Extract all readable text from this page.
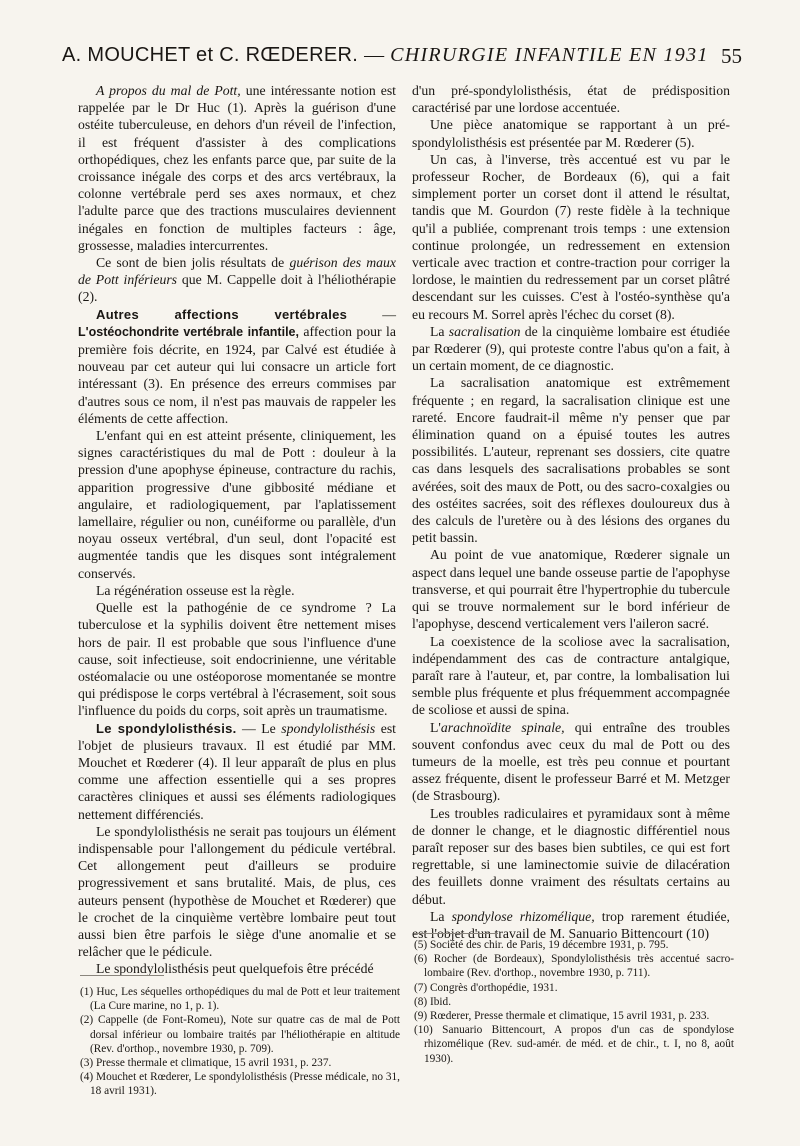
A. MOUCHET et C. RŒDERER. — CHIRURGIE INFANTILE EN 1931 55

A propos du mal de Pott, une intéressante notion est rappelée par le Dr Huc (1). Après la guérison d'une ostéite tuberculeuse, en dehors d'un réveil de l'infection, il est fréquent d'assister à des complications orthopédiques, chez les enfants parce que, par suite de la croissance inégale des corps et des arcs vertébraux, la colonne vertébrale perd ses axes normaux, et chez l'adulte parce que des tractions musculaires deviennent inégales en fonction de multiples facteurs : âge, grossesse, maladies intercurrentes.

Ce sont de bien jolis résultats de guérison des maux de Pott inférieurs que M. Cappelle doit à l'héliothérapie (2).

Autres affections vertébrales — L'ostéochondrite vertébrale infantile, affection pour la première fois décrite, en 1924, par Calvé est étudiée à nouveau par cet auteur qui lui consacre un article fort intéressant (3). En présence des erreurs commises par d'autres sous ce nom, il n'est pas mauvais de rappeler les éléments de cette affection.

L'enfant qui en est atteint présente, cliniquement, les signes caractéristiques du mal de Pott : douleur à la pression d'une apophyse épineuse, contracture du rachis, apparition progressive d'une gibbosité médiane et angulaire, et radiologiquement, par l'aplatissement lamellaire, régulier ou non, cunéiforme ou parallèle, d'un noyau osseux vertébral, d'un seul, dont l'opacité est augmentée tandis que les disques sont intégralement conservés.

La régénération osseuse est la règle.

Quelle est la pathogénie de ce syndrome ? La tuberculose et la syphilis doivent être nettement mises hors de pair. Il est probable que sous l'influence d'une cause, soit infectieuse, soit endocrinienne, une véritable ostéomalacie ou une ostéoporose momentanée se montre qui prédispose le corps vertébral à l'écrasement, soit sous l'influence du poids du corps, soit après un traumatisme.

Le spondylolisthésis. — Le spondylolisthésis est l'objet de plusieurs travaux. Il est étudié par MM. Mouchet et Rœderer (4). Il leur apparaît de plus en plus comme une affection essentielle qui a ses propres caractères cliniques et aussi ses éléments radiologiques nettement différenciés.

Le spondylolisthésis ne serait pas toujours un élément indispensable pour l'allongement du pédicule vertébral. Cet allongement peut d'ailleurs se produire progressivement et sans brutalité. Mais, de plus, ces auteurs pensent (hypothèse de Mouchet et Rœderer) que le crochet de la cinquième vertèbre lombaire peut tout aussi bien être parfois le siège d'une anomalie et se relâcher que le pédicule.

Le spondylolisthésis peut quelquefois être précédé

d'un pré-spondylolisthésis, état de prédisposition caractérisé par une lordose accentuée.

Une pièce anatomique se rapportant à un pré-spondylolisthésis est présentée par M. Rœderer (5).

Un cas, à l'inverse, très accentué est vu par le professeur Rocher, de Bordeaux (6), qui a fait simplement porter un corset dont il attend le résultat, tandis que M. Gourdon (7) reste fidèle à la technique qu'il a publiée, comprenant trois temps : une extension continue prolongée, un redressement en extension verticale avec traction et contre-traction pour corriger la lordose, le maintien du redressement par un corset plâtré descendant sur les cuisses. C'est à l'ostéo-synthèse qu'a eu recours M. Sorrel après l'échec du corset (8).

La sacralisation de la cinquième lombaire est étudiée par Rœderer (9), qui proteste contre l'abus qu'on a fait, à un certain moment, de ce diagnostic.

La sacralisation anatomique est extrêmement fréquente ; en regard, la sacralisation clinique est une rareté. Encore faudrait-il même n'y penser que par élimination quand on a épuisé toutes les autres possibilités. L'auteur, reprenant ses dossiers, cite quatre cas dans lesquels des sacralisations probables se sont avérées, soit des maux de Pott, ou des sacro-coxalgies ou des ostéites sacrées, soit des réflexes douloureux dus à des calculs de l'uretère ou à des lésions des organes du petit bassin.

Au point de vue anatomique, Rœderer signale un aspect dans lequel une bande osseuse partie de l'apophyse transverse, et qui pourrait être l'hypertrophie du tubercule qui se trouve normalement sur le bord inférieur de l'apophyse, descend verticalement vers l'aileron sacré.

La coexistence de la scoliose avec la sacralisation, indépendamment des cas de contracture antalgique, paraît rare à l'auteur, et, par contre, la lombalisation lui semble plus fréquente et plus fréquemment accompagnée de scoliose et aussi de spina.

L'arachnoïdite spinale, qui entraîne des troubles souvent confondus avec ceux du mal de Pott ou des tumeurs de la moelle, est très peu connue et pourtant assez fréquente, disent le professeur Barré et M. Metzger (de Strasbourg).

Les troubles radiculaires et pyramidaux sont à même de donner le change, et le diagnostic différentiel nous paraît reposer sur des bases bien subtiles, ce qui est fort regrettable, si une laminectomie suivie de dilacération des feuillets donne vraiment des résultats certains au début.

La spondylose rhizomélique, trop rarement étudiée, est l'objet d'un travail de M. Sanuario Bittencourt (10)

(1) Huc, Les séquelles orthopédiques du mal de Pott et leur traitement (La Cure marine, no 1, p. 1).

(2) Cappelle (de Font-Romeu), Note sur quatre cas de mal de Pott dorsal inférieur ou lombaire traités par l'héliothérapie en altitude (Rev. d'orthop., novembre 1930, p. 709).

(3) Presse thermale et climatique, 15 avril 1931, p. 237.

(4) Mouchet et Rœderer, Le spondylolisthésis (Presse médicale, no 31, 18 avril 1931).

(5) Société des chir. de Paris, 19 décembre 1931, p. 795.

(6) Rocher (de Bordeaux), Spondylolisthésis très accentué sacro-lombaire (Rev. d'orthop., novembre 1930, p. 711).

(7) Congrès d'orthopédie, 1931.

(8) Ibid.

(9) Rœderer, Presse thermale et climatique, 15 avril 1931, p. 233.

(10) Sanuario Bittencourt, A propos d'un cas de spondylose rhizomélique (Rev. sud-amér. de méd. et de chir., t. I, no 8, août 1930).
